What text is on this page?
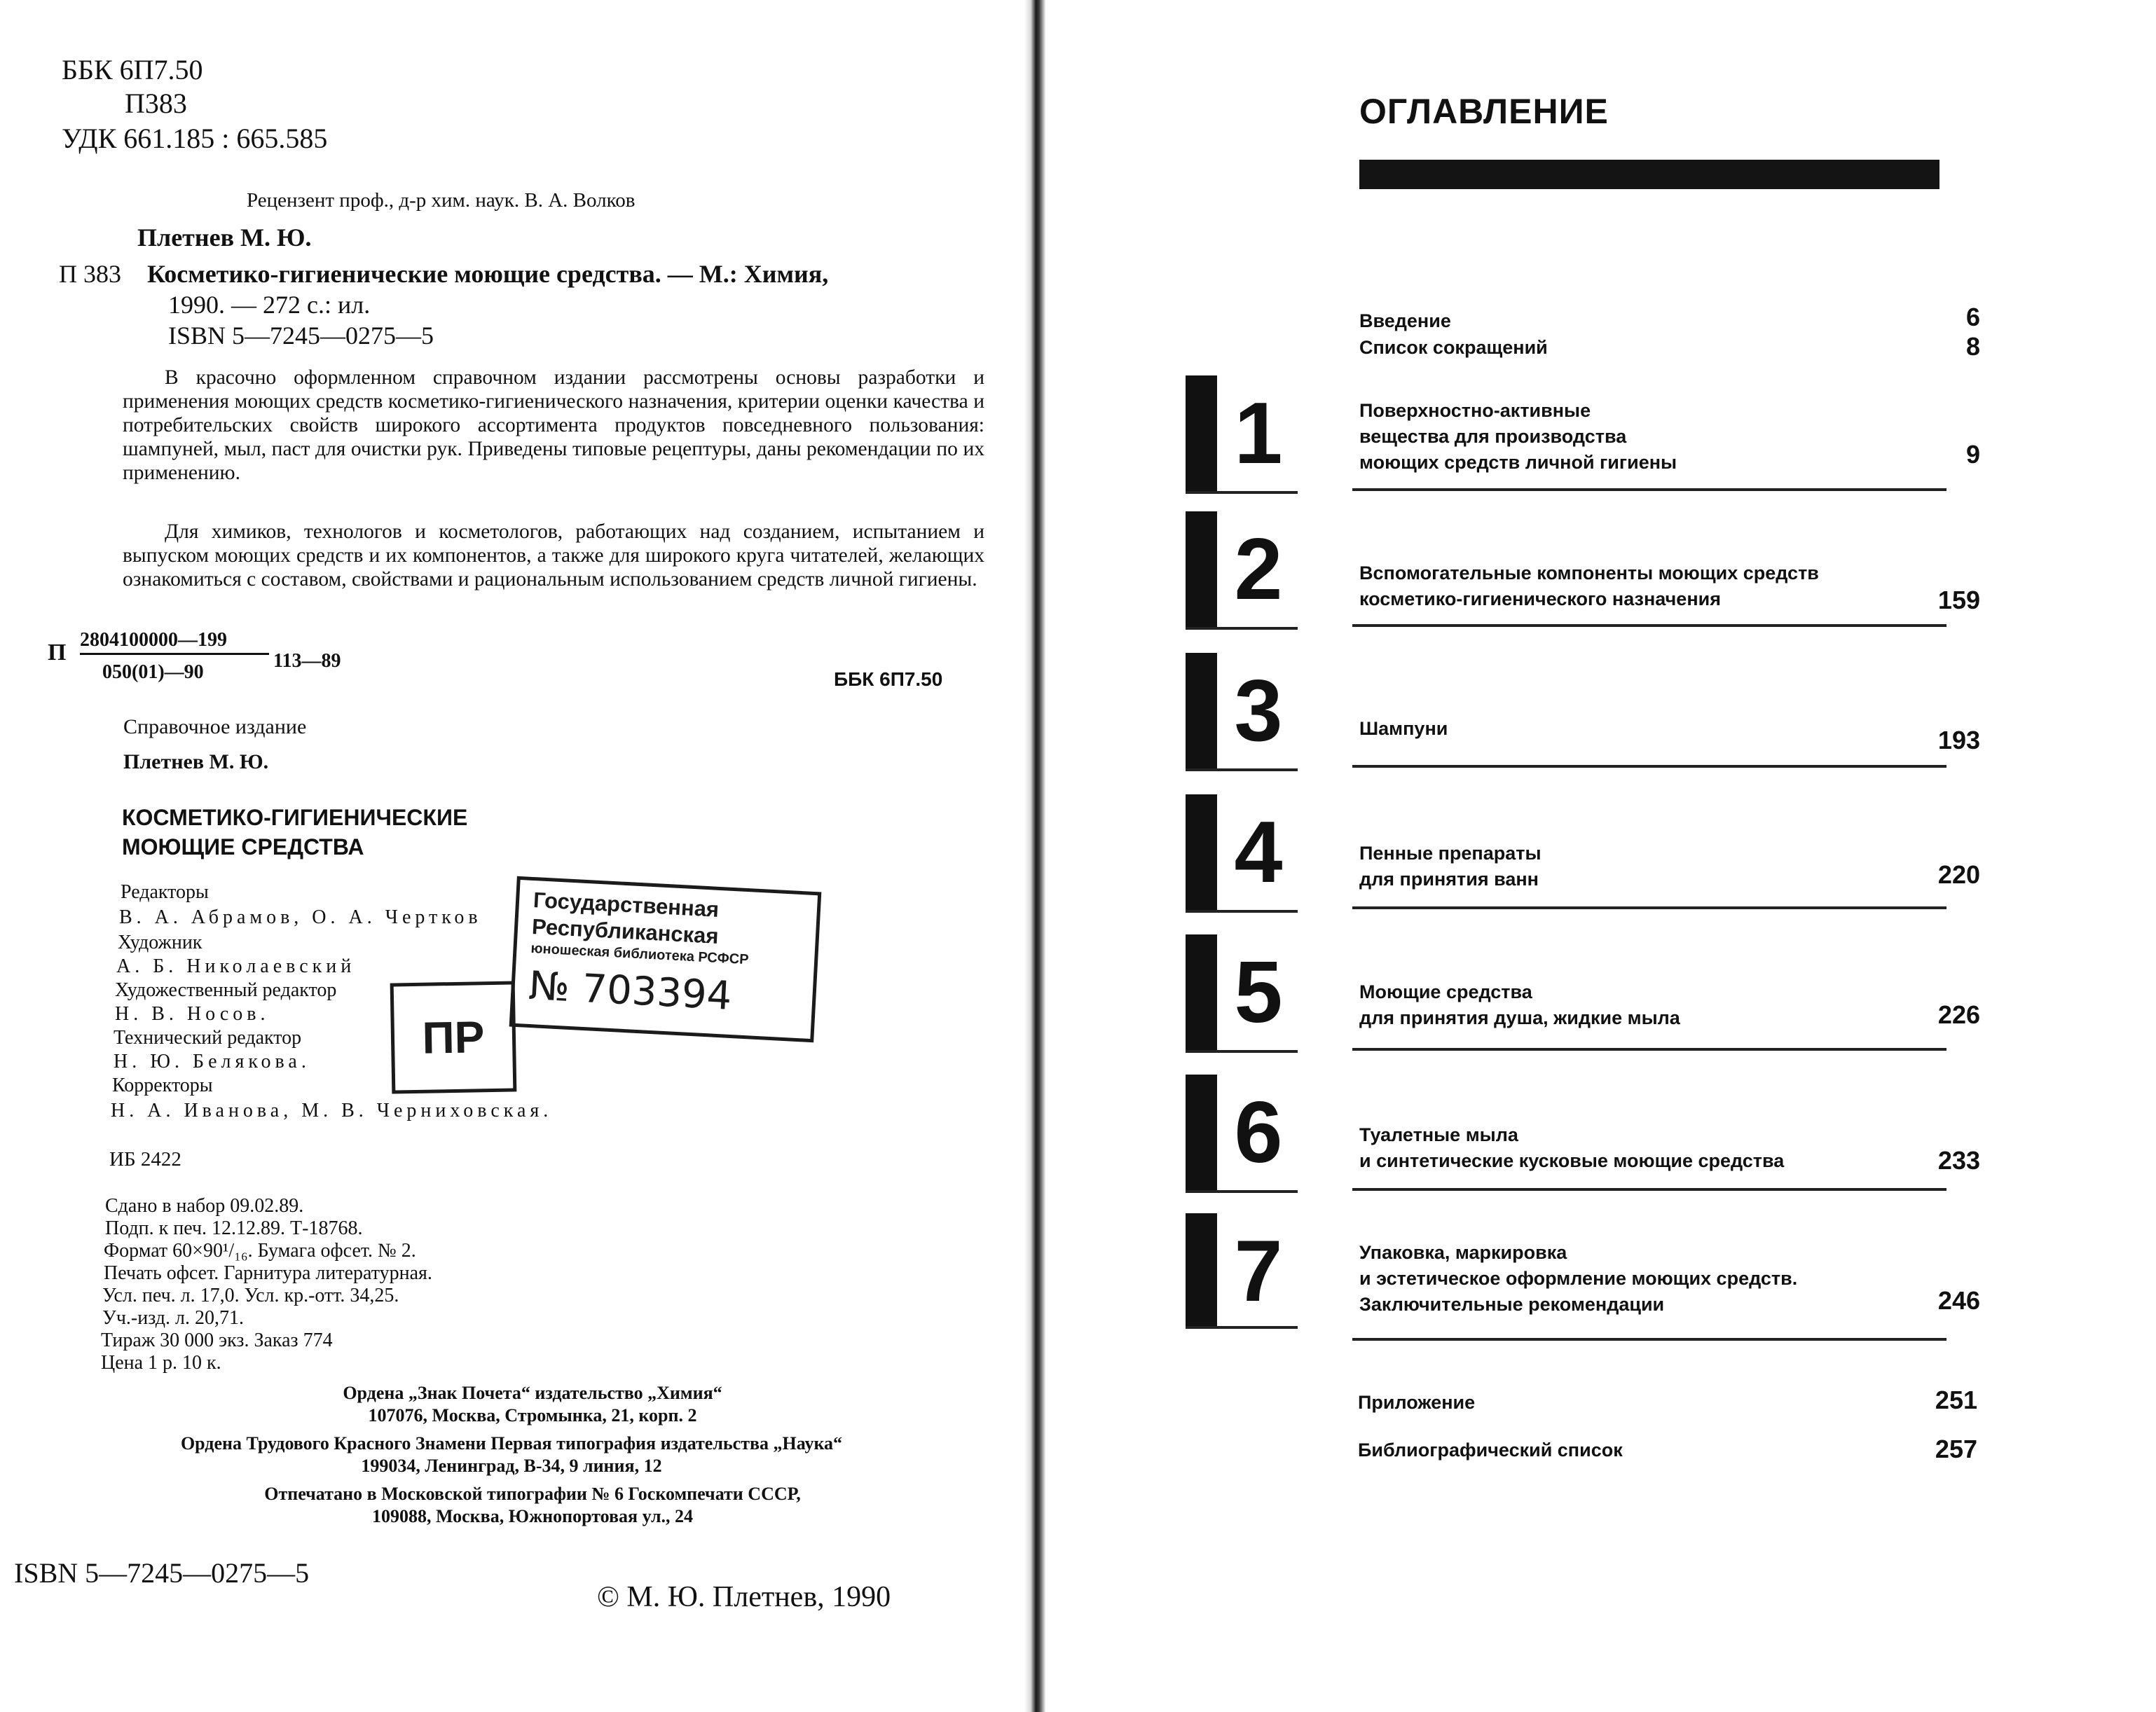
ББК 6П7.50
П383
УДК 661.185 : 665.585
Рецензент проф., д-р хим. наук. В. А. Волков
Плетнев М. Ю.
П 383 Косметико-гигиенические моющие средства. — М.: Химия,
1990. — 272 с.: ил.
ISBN 5—7245—0275—5

В красочно оформленном справочном издании рассмотрены основы разработки и применения моющих средств косметико-гигиенического назначения, критерии оценки качества и потребительских свойств широкого ассортимента продуктов повседневного пользования: шампуней, мыл, паст для очистки рук. Приведены типовые рецептуры, даны рекомендации по их применению.

Для химиков, технологов и косметологов, работающих над созданием, испытанием и выпуском моющих средств и их компонентов, а также для широкого круга читателей, желающих ознакомиться с составом, свойствами и рациональным использованием средств личной гигиены.

П 2804100000—199
050(01)—90
113—89
ББК 6П7.50
Справочное издание
Плетнев М. Ю.
КОСМЕТИКО-ГИГИЕНИЧЕСКИЕ
МОЮЩИЕ СРЕДСТВА
Редакторы
В. А. Абрамов, О. А. Чертков
Художник
А. Б. Николаевский
Художественный редактор
Н. В. Носов.
Технический редактор
Н. Ю. Белякова.
Корректоры
Н. А. Иванова, М. В. Черниховская.
ИБ 2422
Сдано в набор 09.02.89.
Подп. к печ. 12.12.89. Т-18768.
Формат 60×90¹/₁₆. Бумага офсет. № 2.
Печать офсет. Гарнитура литературная.
Усл. печ. л. 17,0. Усл. кр.-отт. 34,25.
Уч.-изд. л. 20,71.
Тираж 30 000 экз. Заказ 774
Цена 1 р. 10 к.
Ордена „Знак Почета“ издательство „Химия“
107076, Москва, Стромынка, 21, корп. 2
Ордена Трудового Красного Знамени Первая типография издательства „Наука“
199034, Ленинград, В-34, 9 линия, 12
Отпечатано в Московской типографии № 6 Госкомпечати СССР,
109088, Москва, Южнопортовая ул., 24
ISBN 5—7245—0275—5
© М. Ю. Плетнев, 1990
Государственная
Республиканская
юношеская библиотека РСФСР
№ 703394
ПР
ОГЛАВЛЕНИЕ
Введение	6
Список сокращений	8
1	Поверхностно-активные
вещества для производства
моющих средств личной гигиены	9
2	Вспомогательные компоненты моющих средств
косметико-гигиенического назначения	159
3	Шампуни	193
4	Пенные препараты
для принятия ванн	220
5	Моющие средства
для принятия душа, жидкие мыла	226
6	Туалетные мыла
и синтетические кусковые моющие средства	233
7	Упаковка, маркировка
и эстетическое оформление моющих средств.
Заключительные рекомендации	246
Приложение	251
Библиографический список	257
